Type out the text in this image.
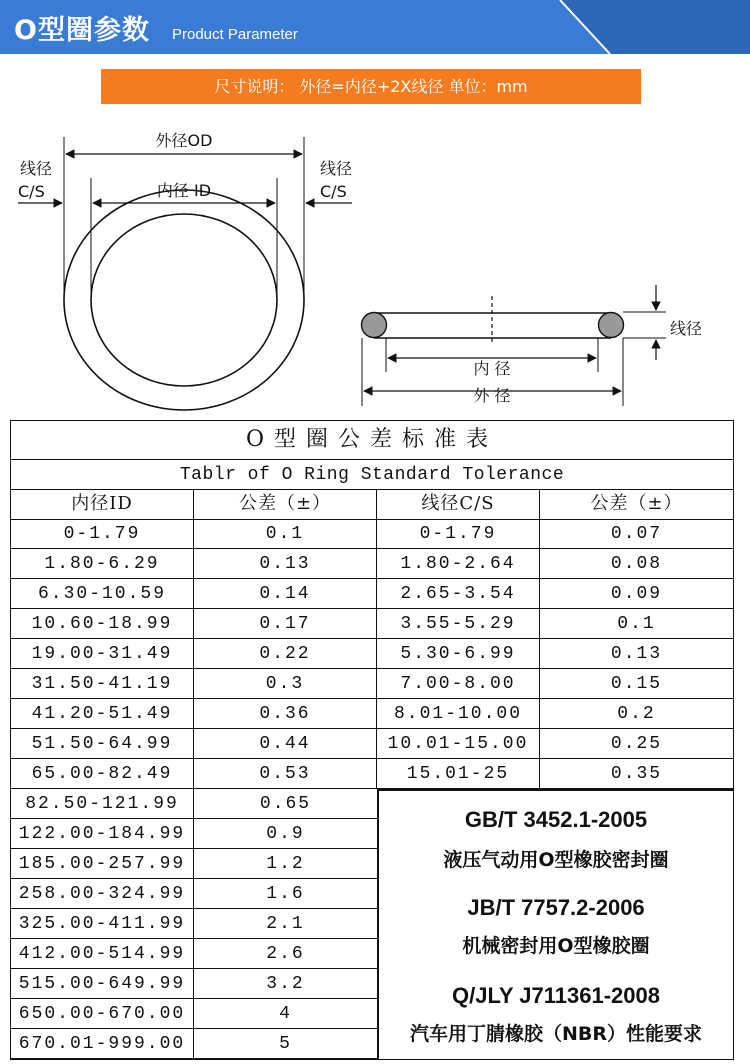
O型圈参数 Product Parameter
尺寸说明： 外径=内径+2X线径 单位：mm
外径OD
内径 ID
线径
C/S
线径
C/S
线径
内 径
外 径
O型圈公差标准表
Tablr of O Ring Standard Tolerance
内径ID	公差（±）	线径C/S	公差（±）
0-1.79	0.1	0-1.79	0.07
1.80-6.29	0.13	1.80-2.64	0.08
6.30-10.59	0.14	2.65-3.54	0.09
10.60-18.99	0.17	3.55-5.29	0.1
19.00-31.49	0.22	5.30-6.99	0.13
31.50-41.19	0.3	7.00-8.00	0.15
41.20-51.49	0.36	8.01-10.00	0.2
51.50-64.99	0.44	10.01-15.00	0.25
65.00-82.49	0.53	15.01-25	0.35
82.50-121.99	0.65
122.00-184.99	0.9
185.00-257.99	1.2
258.00-324.99	1.6
325.00-411.99	2.1
412.00-514.99	2.6
515.00-649.99	3.2
650.00-670.00	4
670.01-999.00	5
GB/T 3452.1-2005
液压气动用O型橡胶密封圈
JB/T 7757.2-2006
机械密封用O型橡胶圈
Q/JLY J711361-2008
汽车用丁腈橡胶（NBR）性能要求
